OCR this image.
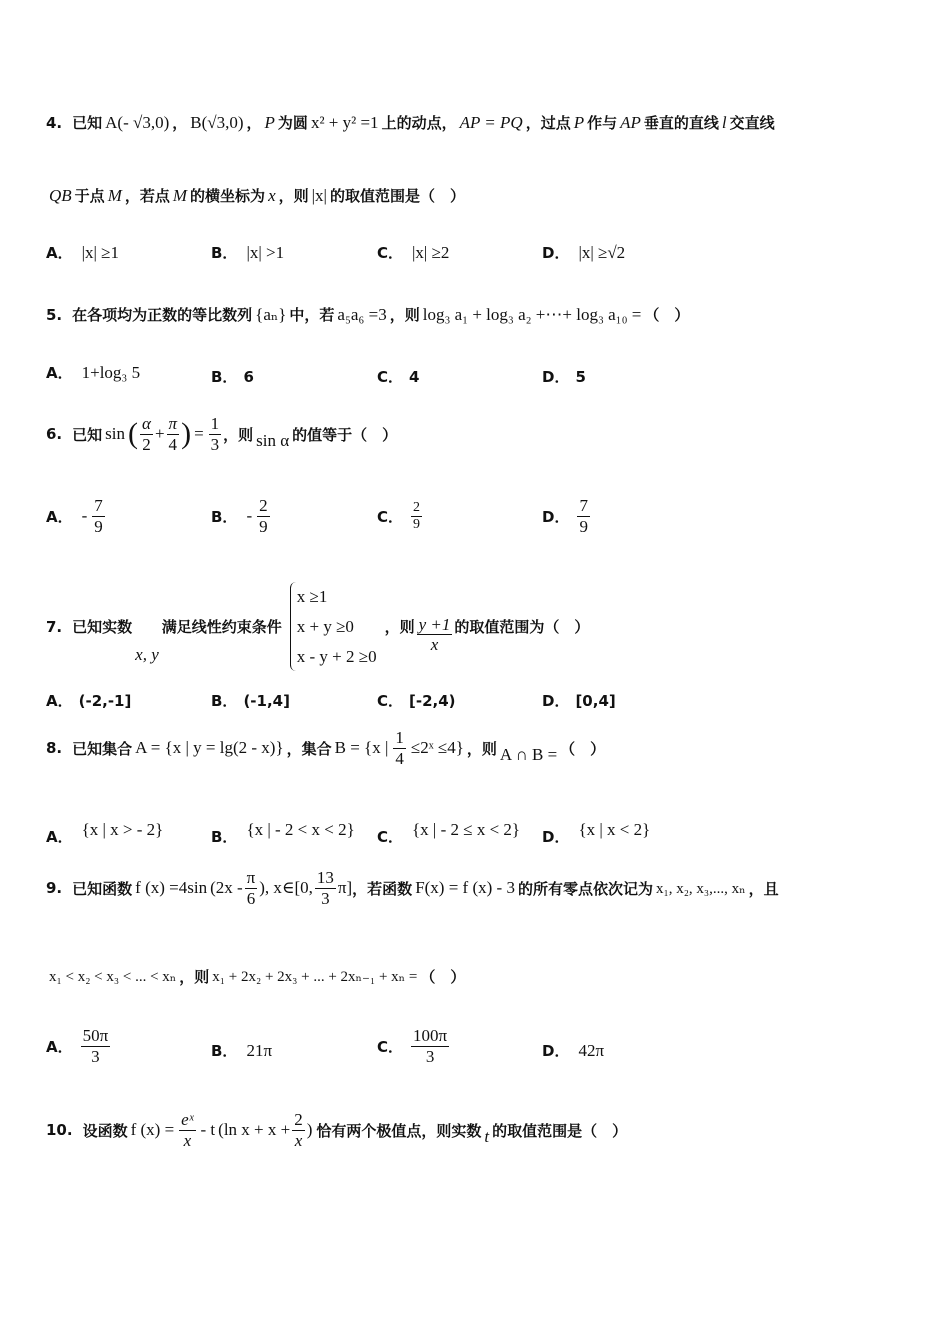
4. 已知 A(- √3,0) ， B(√3,0) ， P 为圆 x² + y² =1 上的动点， AP = PQ ，过点 P 作与 AP 垂直的直线 l 交直线
QB 于点 M ，若点 M 的横坐标为 x ，则 |x| 的取值范围是（　）
A． |x| ≥1	B． |x| >1	C． |x| ≥2	D． |x| ≥√2
5. 在各项均为正数的等比数列 {aₙ} 中，若 a₅a₆ =3 ，则 log₃ a₁ + log₃ a₂ +⋯+ log₃ a₁₀ = （　）
A． 1+log₃ 5	B． 6	C． 4	D． 5
6. 已知 sin ( $\frac{\alpha}{2} + \frac{\pi}{4}$ ) = $\frac{1}{3}$ ，则 sin α 的值等于（　）
A． - $\frac{7}{9}$	B． - $\frac{2}{9}$	C． $\frac{2}{9}$	D． $\frac{7}{9}$
7. 已知实数
x, y
满足线性约束条件
x ≥1
x + y ≥0
x - y + 2 ≥0
，则 $\frac{y +1}{x}$ 的取值范围为（　）
A． (-2,-1]	B． (-1,4]	C． [-2,4)	D． [0,4]
8. 已知集合 A = {x | y = lg(2 - x)} ，集合 B = {x | $\frac{1}{4}$ ≤2ˣ ≤4} ，则 A ∩ B = （　）
A． {x | x > - 2}	B． {x | - 2 < x < 2} C． {x | - 2 ≤ x < 2} D． {x | x < 2}
9. 已知函数 f (x) =4sin ($2x - \frac{\pi}{6}$ ), x∈ [0, $\frac{13}{3} \pi$] ，若函数 F(x) = f (x) - 3 的所有零点依次记为 x₁, x₂, x₃,..., xₙ ，且
x₁ < x₂ < x₃ < ... < xₙ ，则 x₁ + 2x₂ + 2x₃ + ... + 2xₙ₋₁ + xₙ = （　）
A． $\frac{50\pi}{3}$	B． 21π	C． $\frac{100\pi}{3}$	D． 42π
10. 设函数 f $(x) = \frac{\text{eˣ}}{x} - t$ (ln $x + x + \frac{2}{x}$ ) 恰有两个极值点，则实数 t 的取值范围是（　）
